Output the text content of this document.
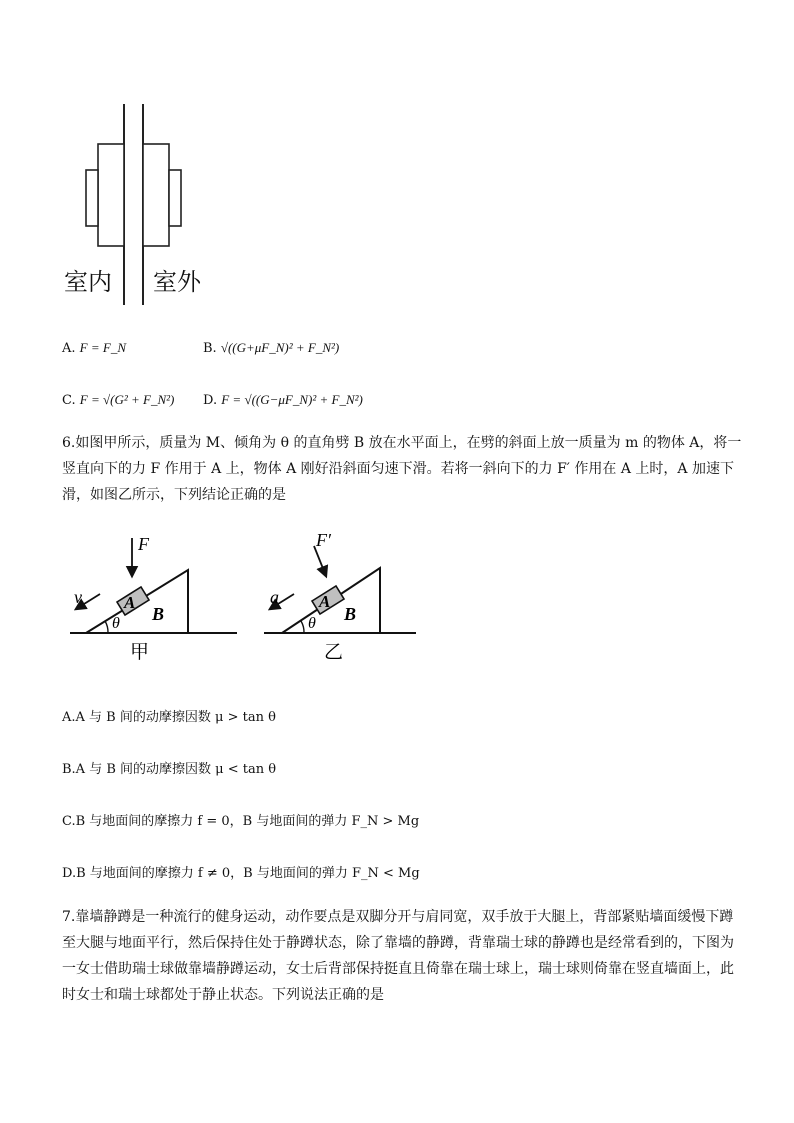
室内 室外
A. F = F_N	B. √((G+μF_N)² + F_N²)
C. F = √(G² + F_N²) D. F = √((G−μF_N)² + F_N²)
6.如图甲所示，质量为 M、倾角为 θ 的直角劈 B 放在水平面上，在劈的斜面上放一质量为 m 的物体 A，将一
竖直向下的力 F 作用于 A 上，物体 A 刚好沿斜面匀速下滑。若将一斜向下的力 F′ 作用在 A 上时，A 加速下
滑，如图乙所示，下列结论正确的是
F
A
B
v
θ
甲
F′
A
B
a
θ
乙
A.A 与 B 间的动摩擦因数 μ > tan θ
B.A 与 B 间的动摩擦因数 μ < tan θ
C.B 与地面间的摩擦力 f = 0，B 与地面间的弹力 F_N > Mg
D.B 与地面间的摩擦力 f ≠ 0，B 与地面间的弹力 F_N < Mg
7.靠墙静蹲是一种流行的健身运动，动作要点是双脚分开与肩同宽，双手放于大腿上，背部紧贴墙面缓慢下蹲
至大腿与地面平行，然后保持住处于静蹲状态，除了靠墙的静蹲，背靠瑞士球的静蹲也是经常看到的，下图为
一女士借助瑞士球做靠墙静蹲运动，女士后背部保持挺直且倚靠在瑞士球上，瑞士球则倚靠在竖直墙面上，此
时女士和瑞士球都处于静止状态。下列说法正确的是
